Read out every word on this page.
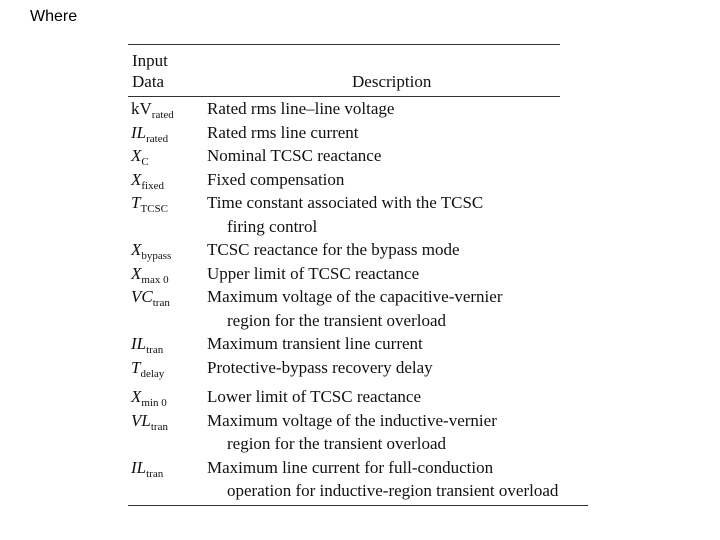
Where
Input
Data	Description
$kV_{rated}$	Rated rms line–line voltage
$IL_{rated}$	Rated rms line current
$X_C$	Nominal TCSC reactance
$X_{fixed}$	Fixed compensation
$T_{TCSC}$	Time constant associated with the TCSC
firing control
$X_{bypass}$	TCSC reactance for the bypass mode
$X_{max 0}$	Upper limit of TCSC reactance
$VC_{tran}$	Maximum voltage of the capacitive-vernier
region for the transient overload
$IL_{tran}$	Maximum transient line current
$T_{delay}$	Protective-bypass recovery delay
$X_{min 0}$	Lower limit of TCSC reactance
$VL_{tran}$	Maximum voltage of the inductive-vernier
region for the transient overload
$IL_{tran}$	Maximum line current for full-conduction
operation for inductive-region transient overload
